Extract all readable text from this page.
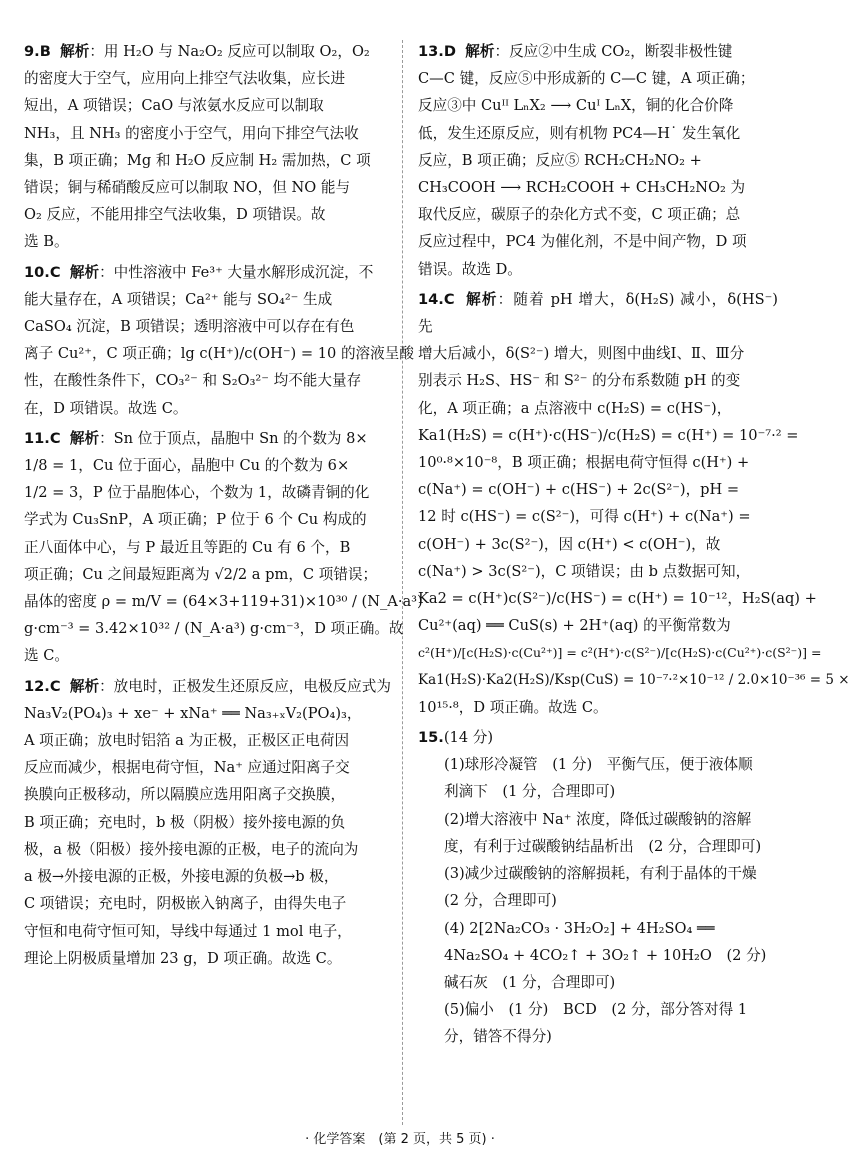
9.B 解析：用 H₂O 与 Na₂O₂ 反应可以制取 O₂，O₂
的密度大于空气，应用向上排空气法收集，应长进
短出，A 项错误；CaO 与浓氨水反应可以制取
NH₃，且 NH₃ 的密度小于空气，用向下排空气法收
集，B 项正确；Mg 和 H₂O 反应制 H₂ 需加热，C 项
错误；铜与稀硝酸反应可以制取 NO，但 NO 能与
O₂ 反应，不能用排空气法收集，D 项错误。故
选 B。
10.C 解析：中性溶液中 Fe³⁺ 大量水解形成沉淀，不
能大量存在，A 项错误；Ca²⁺ 能与 SO₄²⁻ 生成
CaSO₄ 沉淀，B 项错误；透明溶液中可以存在有色
离子 Cu²⁺，C 项正确；lg c(H⁺)/c(OH⁻) = 10 的溶液呈酸
性，在酸性条件下，CO₃²⁻ 和 S₂O₃²⁻ 均不能大量存
在，D 项错误。故选 C。
11.C 解析：Sn 位于顶点，晶胞中 Sn 的个数为 8×
1/8 = 1，Cu 位于面心，晶胞中 Cu 的个数为 6×
1/2 = 3，P 位于晶胞体心，个数为 1，故磷青铜的化
学式为 Cu₃SnP，A 项正确；P 位于 6 个 Cu 构成的
正八面体中心，与 P 最近且等距的 Cu 有 6 个，B
项正确；Cu 之间最短距离为 √2/2 a pm，C 项错误；
晶体的密度 ρ = m/V = (64×3+119+31)×10³⁰ / (N_A·a³)
g·cm⁻³ = 3.42×10³² / (N_A·a³) g·cm⁻³，D 项正确。故
选 C。
12.C 解析：放电时，正极发生还原反应，电极反应式为
Na₃V₂(PO₄)₃ + xe⁻ + xNa⁺ ══ Na₃₊ₓV₂(PO₄)₃，
A 项正确；放电时铝箔 a 为正极，正极区正电荷因
反应而减少，根据电荷守恒，Na⁺ 应通过阳离子交
换膜向正极移动，所以隔膜应选用阳离子交换膜，
B 项正确；充电时，b 极（阴极）接外接电源的负
极，a 极（阳极）接外接电源的正极，电子的流向为
a 极→外接电源的正极，外接电源的负极→b 极，
C 项错误；充电时，阴极嵌入钠离子，由得失电子
守恒和电荷守恒可知，导线中每通过 1 mol 电子，
理论上阴极质量增加 23 g，D 项正确。故选 C。
13.D 解析：反应②中生成 CO₂，断裂非极性键
C—C 键，反应⑤中形成新的 C—C 键，A 项正确；
反应③中 Cuᴵᴵ LₙX₂ ⟶ Cuᴵ LₙX，铜的化合价降
低，发生还原反应，则有机物 PC4—H˙ 发生氧化
反应，B 项正确；反应⑤ RCH₂CH₂NO₂ +
CH₃COOH ⟶ RCH₂COOH + CH₃CH₂NO₂ 为
取代反应，碳原子的杂化方式不变，C 项正确；总
反应过程中，PC4 为催化剂，不是中间产物，D 项
错误。故选 D。
14.C 解析：随着 pH 增大，δ(H₂S) 减小，δ(HS⁻) 先
增大后减小，δ(S²⁻) 增大，则图中曲线Ⅰ、Ⅱ、Ⅲ分
别表示 H₂S、HS⁻ 和 S²⁻ 的分布系数随 pH 的变
化，A 项正确；a 点溶液中 c(H₂S) = c(HS⁻)，
Ka1(H₂S) = c(H⁺)·c(HS⁻)/c(H₂S) = c(H⁺) = 10⁻⁷·² =
10⁰·⁸×10⁻⁸，B 项正确；根据电荷守恒得 c(H⁺) +
c(Na⁺) = c(OH⁻) + c(HS⁻) + 2c(S²⁻)，pH =
12 时 c(HS⁻) = c(S²⁻)，可得 c(H⁺) + c(Na⁺) =
c(OH⁻) + 3c(S²⁻)，因 c(H⁺) < c(OH⁻)，故
c(Na⁺) > 3c(S²⁻)，C 项错误；由 b 点数据可知，
Ka2 = c(H⁺)c(S²⁻)/c(HS⁻) = c(H⁺) = 10⁻¹²，H₂S(aq) +
Cu²⁺(aq) ══ CuS(s) + 2H⁺(aq) 的平衡常数为
c²(H⁺)/[c(H₂S)·c(Cu²⁺)] = c²(H⁺)·c(S²⁻)/[c(H₂S)·c(Cu²⁺)·c(S²⁻)] =
Ka1(H₂S)·Ka2(H₂S)/Ksp(CuS) = 10⁻⁷·²×10⁻¹² / 2.0×10⁻³⁶ = 5 ×
10¹⁵·⁸，D 项正确。故选 C。
15.(14 分)
(1)球形冷凝管　(1 分)　平衡气压，便于液体顺
利滴下　(1 分，合理即可)
(2)增大溶液中 Na⁺ 浓度，降低过碳酸钠的溶解
度，有利于过碳酸钠结晶析出　(2 分，合理即可)
(3)减少过碳酸钠的溶解损耗，有利于晶体的干燥
(2 分，合理即可)
(4) 2[2Na₂CO₃ · 3H₂O₂] + 4H₂SO₄ ══
4Na₂SO₄ + 4CO₂↑ + 3O₂↑ + 10H₂O　(2 分)
碱石灰　(1 分，合理即可)
(5)偏小　(1 分)　BCD　(2 分，部分答对得 1
分，错答不得分)
· 化学答案　(第 2 页，共 5 页) ·
